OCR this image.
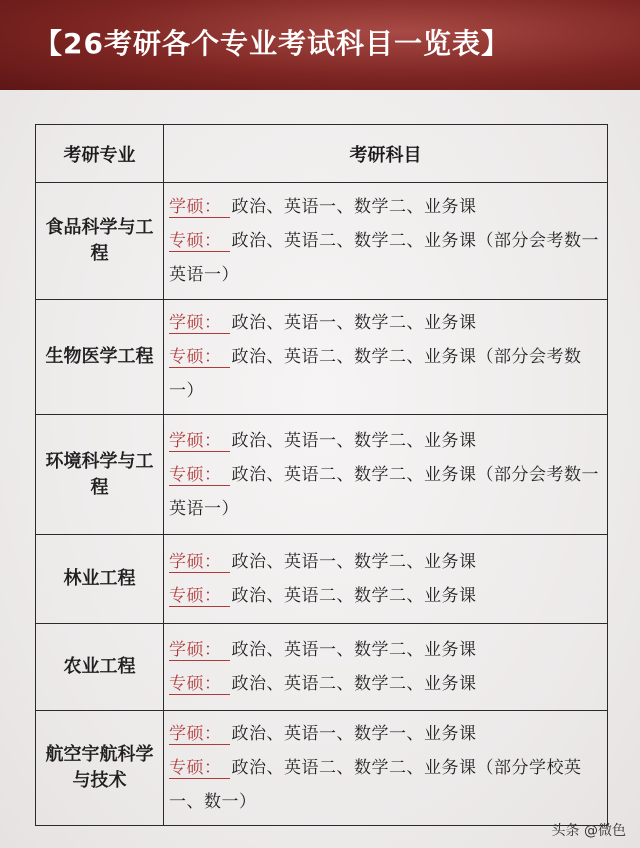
【26考研各个专业考试科目一览表】
考研专业	考研科目
食品科学与工程	学硕： 政治、英语一、数学二、业务课
专硕： 政治、英语二、数学二、业务课（部分会考数一英语一）

生物医学工程	学硕： 政治、英语一、数学二、业务课
专硕： 政治、英语二、数学二、业务课（部分会考数一）

环境科学与工程	学硕： 政治、英语一、数学二、业务课
专硕： 政治、英语二、数学二、业务课（部分会考数一英语一）

林业工程	学硕： 政治、英语一、数学二、业务课
专硕： 政治、英语二、数学二、业务课

农业工程	学硕： 政治、英语一、数学二、业务课
专硕： 政治、英语二、数学二、业务课

航空宇航科学与技术	学硕： 政治、英语一、数学一、业务课
专硕： 政治、英语二、数学二、业务课（部分学校英一、数一）
头条 @微色
